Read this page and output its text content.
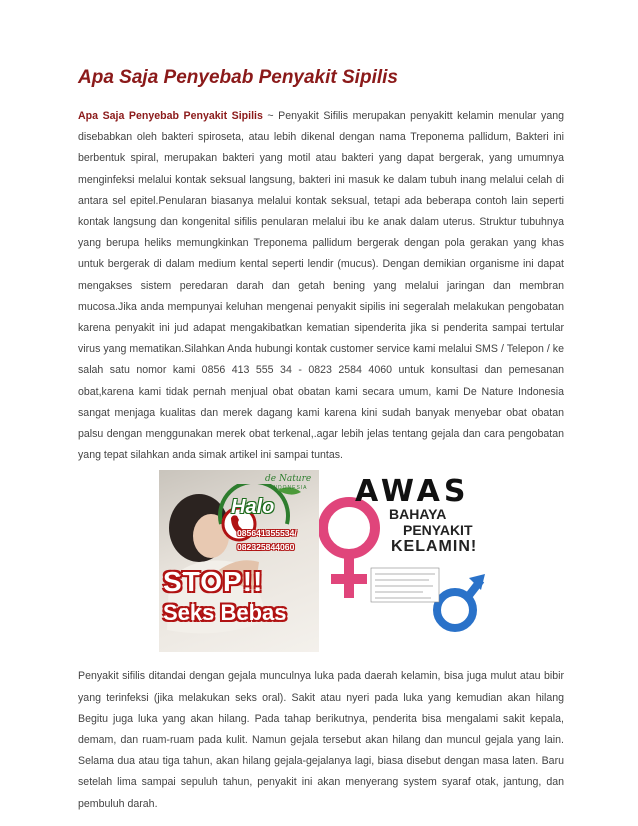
Apa Saja Penyebab Penyakit Sipilis

Apa Saja Penyebab Penyakit Sipilis ~ Penyakit Sifilis merupakan penyakitt kelamin menular yang disebabkan oleh bakteri spiroseta, atau lebih dikenal dengan nama Treponema pallidum, Bakteri ini berbentuk spiral, merupakan bakteri yang motil atau bakteri yang dapat bergerak, yang umumnya menginfeksi melalui kontak seksual langsung, bakteri ini masuk ke dalam tubuh inang melalui celah di antara sel epitel.Penularan biasanya melalui kontak seksual, tetapi ada beberapa contoh lain seperti kontak langsung dan kongenital sifilis penularan melalui ibu ke anak dalam uterus. Struktur tubuhnya yang berupa heliks memungkinkan Treponema pallidum bergerak dengan pola gerakan yang khas untuk bergerak di dalam medium kental seperti lendir (mucus). Dengan demikian organisme ini dapat mengakses sistem peredaran darah dan getah bening yang melalui jaringan dan membran mucosa.Jika anda mempunyai keluhan mengenai penyakit sipilis ini segeralah melakukan pengobatan karena penyakit ini jud adapat mengakibatkan kematian sipenderita jika si penderita sampai tertular virus yang mematikan.Silahkan Anda hubungi kontak customer service kami melalui SMS / Telepon / ke salah satu nomor kami 0856 413 555 34 - 0823 2584 4060 untuk konsultasi dan pemesanan obat,karena kami tidak pernah menjual obat obatan kami secara umum, kami De Nature Indonesia sangat menjaga kualitas dan merek dagang kami karena kini sudah banyak menyebar obat obatan palsu dengan menggunakan merek obat terkenal,.agar lebih jelas tentang gejala dan cara pengobatan yang tepat silahkan anda simak artikel ini sampai tuntas.

de Nature
INDONESIA
Halo
085641355534/
082325844060
STOP!!
Seks Bebas
AWAS
BAHAYA
PENYAKIT
KELAMIN!

Penyakit sifilis ditandai dengan gejala munculnya luka pada daerah kelamin, bisa juga mulut atau bibir yang terinfeksi (jika melakukan seks oral). Sakit atau nyeri pada luka yang kemudian akan hilang Begitu juga luka yang akan hilang. Pada tahap berikutnya, penderita bisa mengalami sakit kepala, demam, dan ruam-ruam pada kulit. Namun gejala tersebut akan hilang dan muncul gejala yang lain. Selama dua atau tiga tahun, akan hilang gejala-gejalanya lagi, biasa disebut dengan masa laten. Baru setelah lima sampai sepuluh tahun, penyakit ini akan menyerang system syaraf otak, jantung, dan pembuluh darah.
